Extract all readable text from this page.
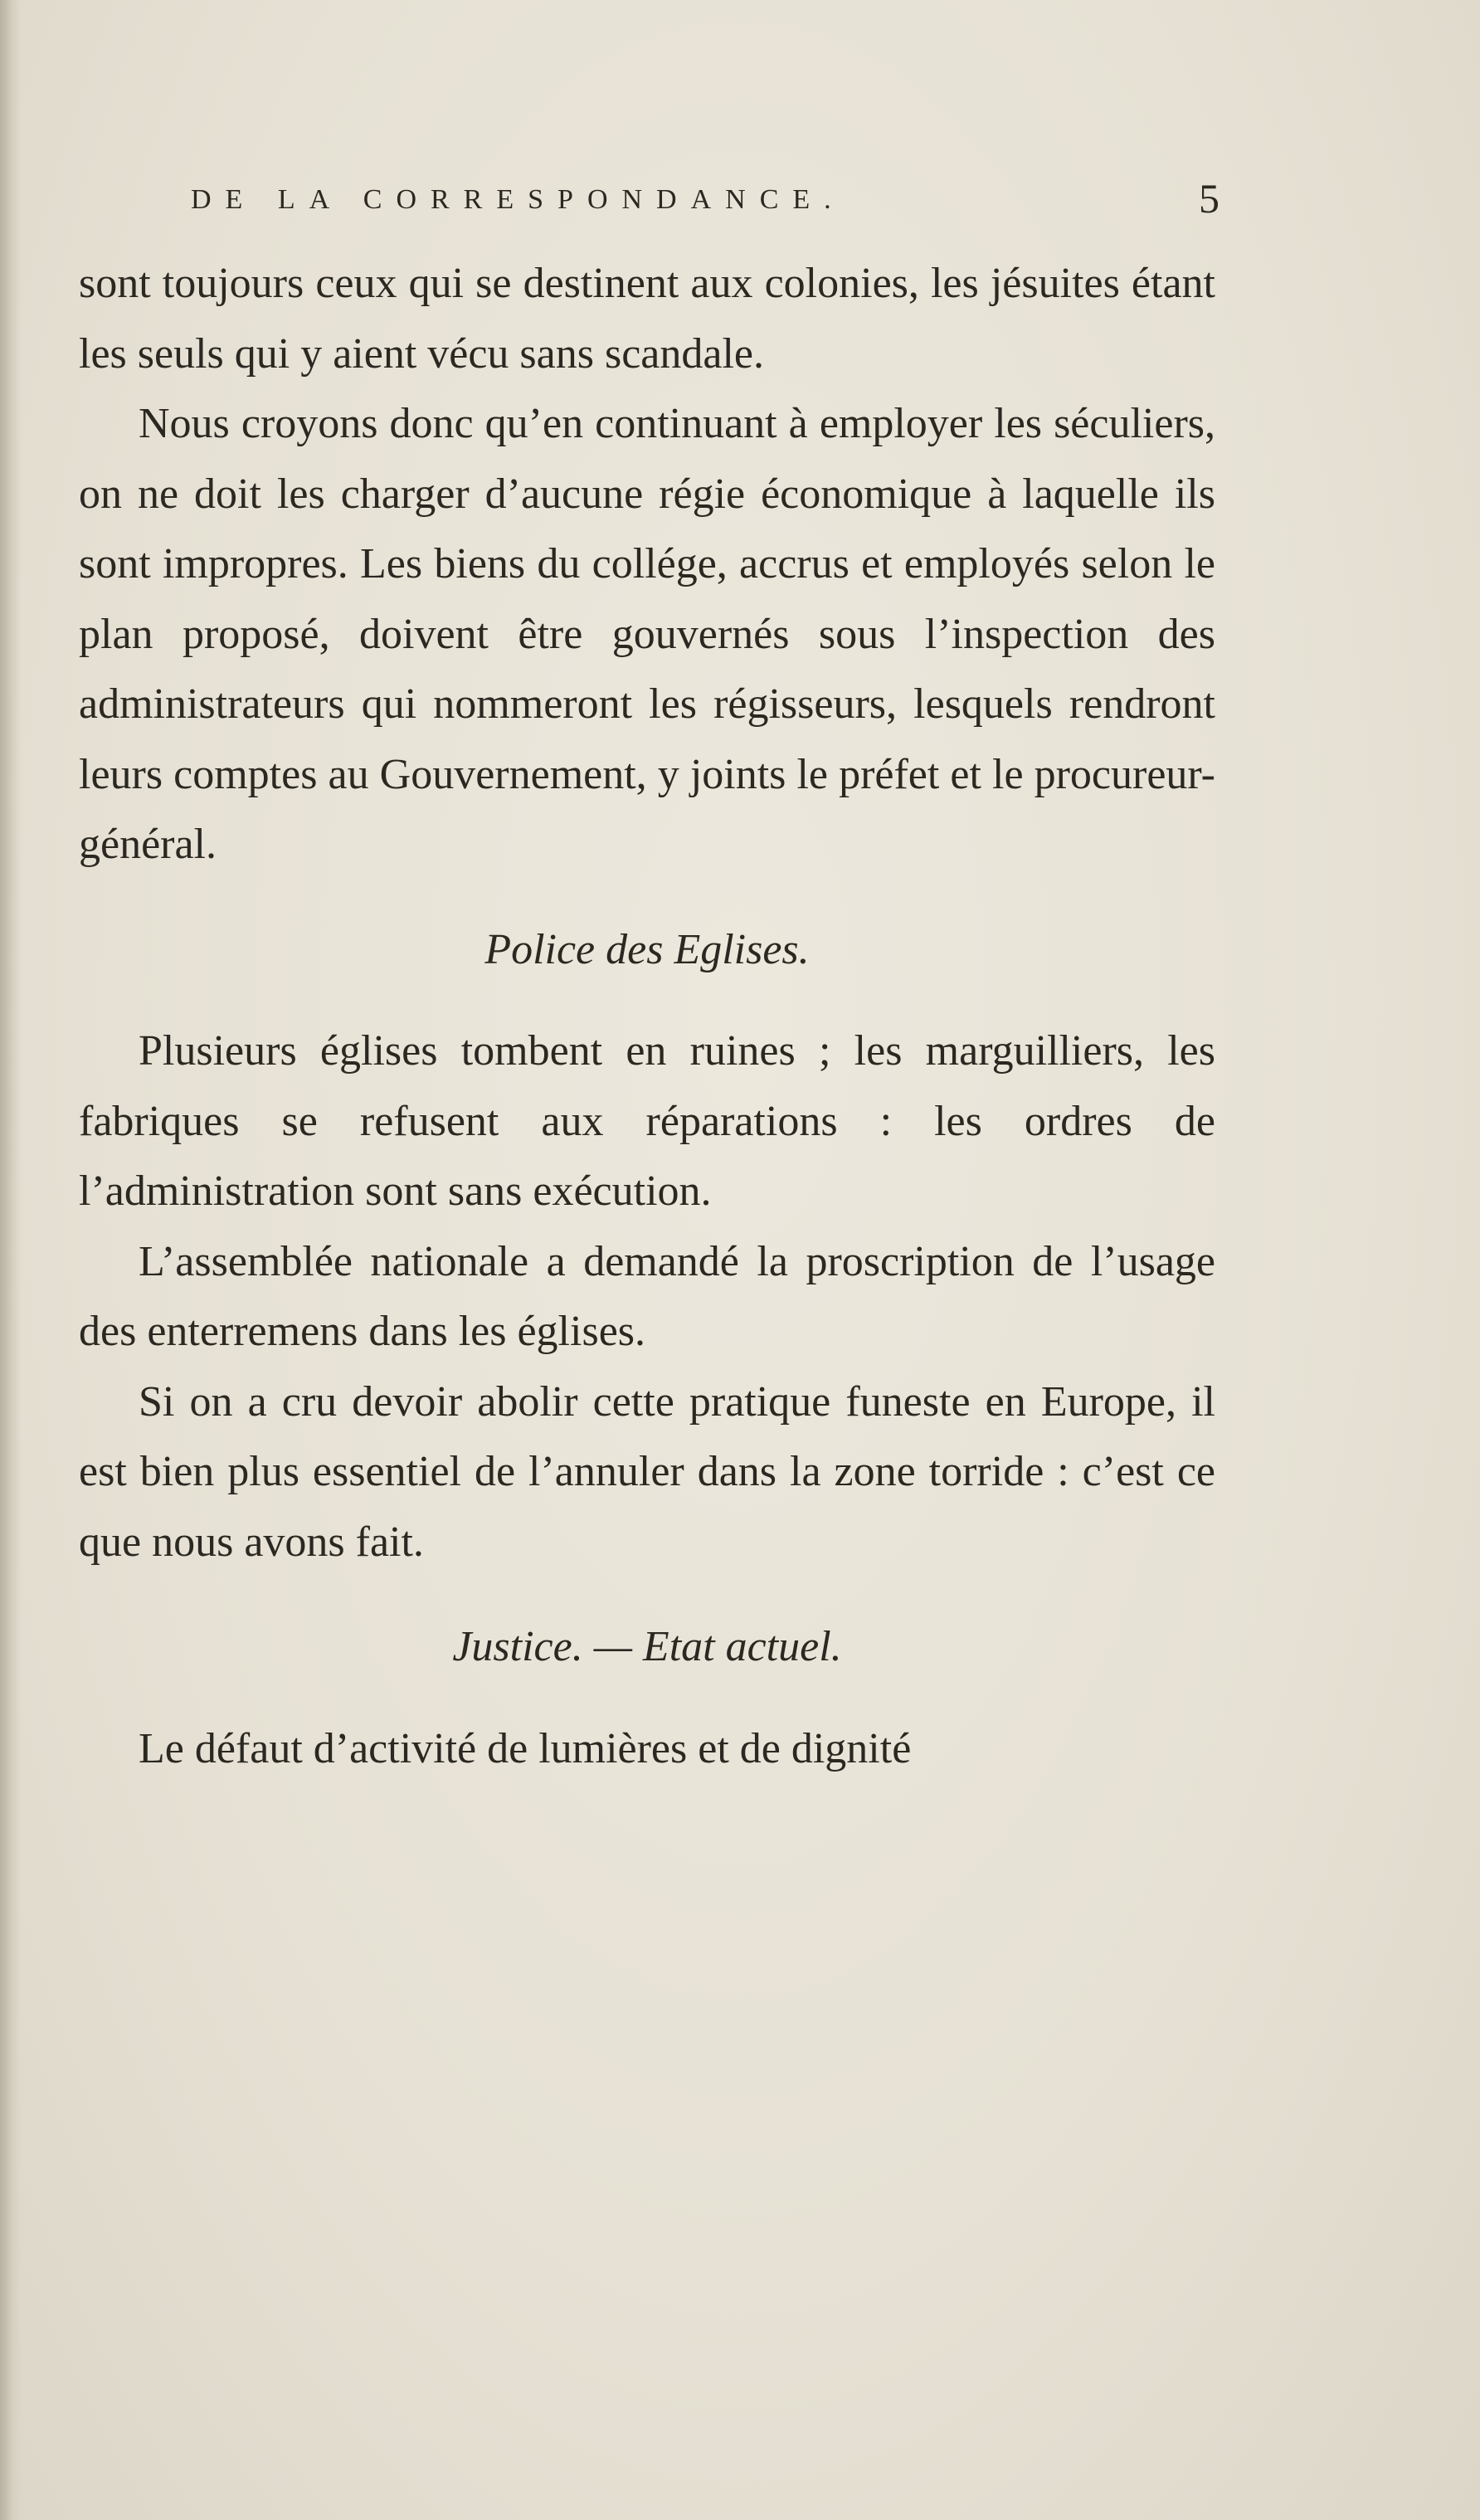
DE LA CORRESPONDANCE.	5

sont toujours ceux qui se destinent aux colonies, les jésuites étant les seuls qui y aient vécu sans scandale.

Nous croyons donc qu’en continuant à employer les séculiers, on ne doit les charger d’aucune régie économique à laquelle ils sont impropres. Les biens du collége, accrus et employés selon le plan proposé, doivent être gouvernés sous l’inspection des administrateurs qui nommeront les régisseurs, lesquels rendront leurs comptes au Gouvernement, y joints le préfet et le procureur-général.

Police des Eglises.

Plusieurs églises tombent en ruines ; les marguilliers, les fabriques se refusent aux réparations : les ordres de l’administration sont sans exécution.

L’assemblée nationale a demandé la proscription de l’usage des enterremens dans les églises.

Si on a cru devoir abolir cette pratique funeste en Europe, il est bien plus essentiel de l’annuler dans la zone torride : c’est ce que nous avons fait.

Justice. — Etat actuel.

Le défaut d’activité de lumières et de dignité
